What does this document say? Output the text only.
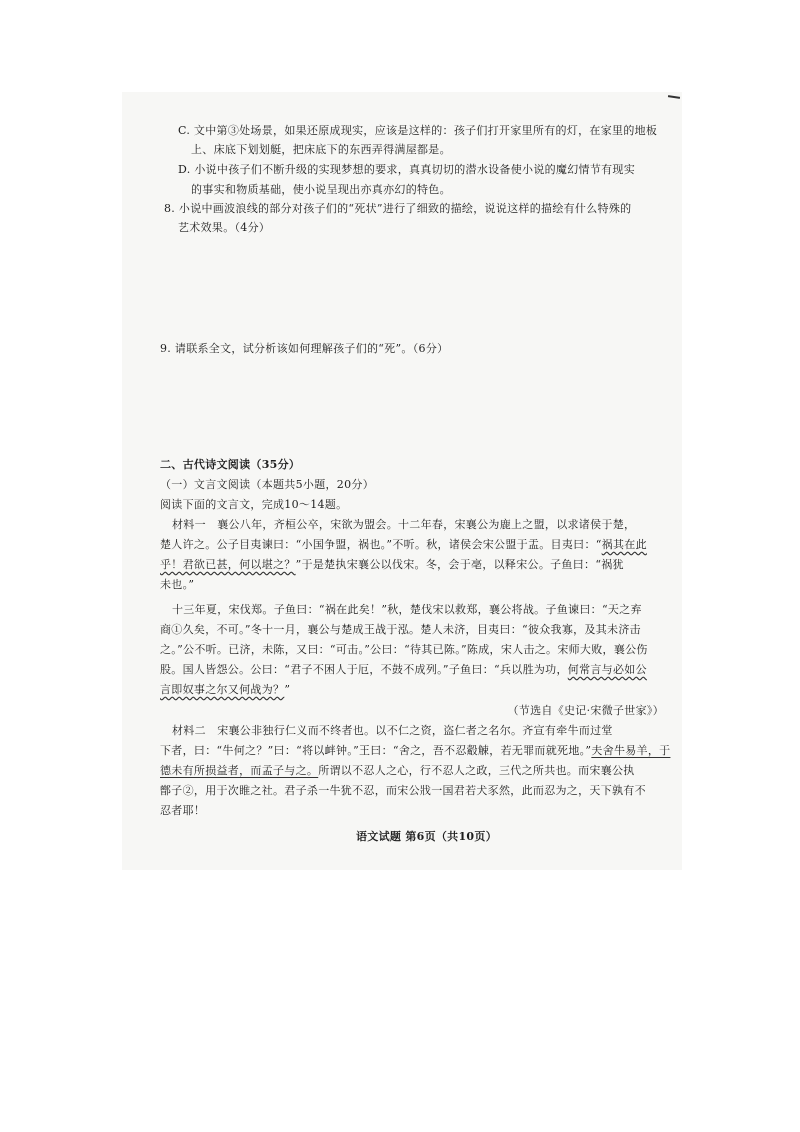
C. 文中第③处场景，如果还原成现实，应该是这样的：孩子们打开家里所有的灯，在家里的地板
上、床底下划划艇，把床底下的东西弄得满屋都是。
D. 小说中孩子们不断升级的实现梦想的要求，真真切切的潜水设备使小说的魔幻情节有现实
的事实和物质基础，使小说呈现出亦真亦幻的特色。
8. 小说中画波浪线的部分对孩子们的“死状”进行了细致的描绘，说说这样的描绘有什么特殊的
艺术效果。（4分）
9. 请联系全文，试分析该如何理解孩子们的“死”。（6分）
二、古代诗文阅读（35分）
（一）文言文阅读（本题共5小题，20分）
阅读下面的文言文，完成10～14题。
材料一　襄公八年，齐桓公卒，宋欲为盟会。十二年春，宋襄公为鹿上之盟，以求诸侯于楚，
楚人许之。公子目夷谏曰：“小国争盟，祸也。”不听。秋，诸侯会宋公盟于盂。目夷曰：“祸其在此
乎！君欲已甚，何以堪之？”于是楚执宋襄公以伐宋。冬，会于亳，以释宋公。子鱼曰：“祸犹
未也。”
十三年夏，宋伐郑。子鱼曰：“祸在此矣！”秋，楚伐宋以救郑，襄公将战。子鱼谏曰：“天之弃
商①久矣，不可。”冬十一月，襄公与楚成王战于泓。楚人未济，目夷曰：“彼众我寡，及其未济击
之。”公不听。已济，未陈，又曰：“可击。”公曰：“待其已陈。”陈成，宋人击之。宋师大败，襄公伤
股。国人皆怨公。公曰：“君子不困人于厄，不鼓不成列。”子鱼曰：“兵以胜为功，何常言与必如公
言即奴事之尔又何战为？”
（节选自《史记·宋微子世家》）
材料二　宋襄公非独行仁义而不终者也。以不仁之资，盗仁者之名尔。齐宣有牵牛而过堂
下者，曰：“牛何之？”曰：“将以衅钟。”王曰：“舍之，吾不忍觳觫，若无罪而就死地。”夫舍牛易羊，于
德未有所损益者，而孟子与之。所谓以不忍人之心，行不忍人之政，三代之所共也。而宋襄公执
鄫子②，用于次睢之社。君子杀一牛犹不忍，而宋公戕一国君若犬豕然，此而忍为之，天下孰有不
忍者耶！
语文试题 第6页（共10页）
